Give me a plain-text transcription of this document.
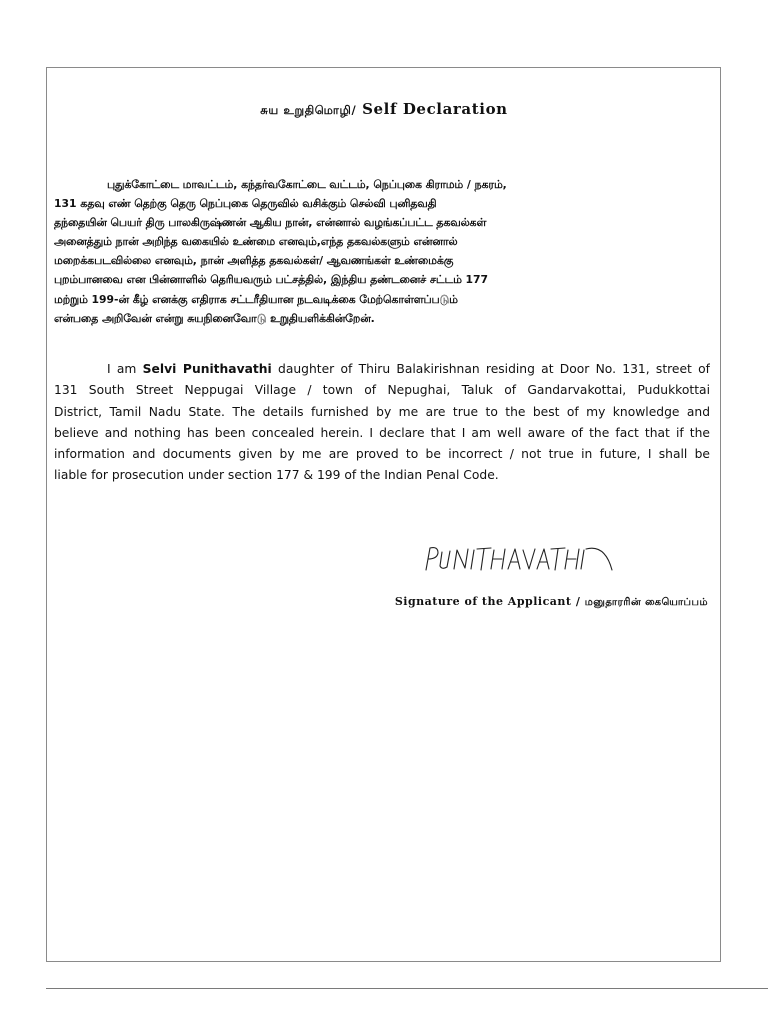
சுய உறுதிமொழி/ Self Declaration
புதுக்கோட்டை மாவட்டம், கந்தர்வகோட்டை வட்டம், நெப்புகை கிராமம் / நகரம்,
131 கதவு எண் தெற்கு தெரு நெப்புகை தெருவில் வசிக்கும் செல்வி புனிதவதி
தந்தையின் பெயர் திரு பாலகிருஷ்ணன் ஆகிய நான், என்னால் வழங்கப்பட்ட தகவல்கள்
அனைத்தும் நான் அறிந்த வகையில் உண்மை எனவும்,எந்த தகவல்களும் என்னால்
மறைக்கபடவில்லை எனவும், நான் அளித்த தகவல்கள்/ ஆவணங்கள் உண்மைக்கு
புறம்பானவை என பின்னாளில் தெரியவரும் பட்சத்தில், இந்திய தண்டனைச் சட்டம் 177
மற்றும் 199-ன் கீழ் எனக்கு எதிராக சட்டரீதியான நடவடிக்கை மேற்கொள்ளப்படும்
என்பதை அறிவேன் என்று சுயநினைவோடு உறுதியளிக்கின்றேன்.
I am Selvi Punithavathi daughter of Thiru Balakirishnan residing at Door No. 131, street of
131 South Street Neppugai Village / town of Nepughai, Taluk of Gandarvakottai, Pudukkottai
District, Tamil Nadu State. The details furnished by me are true to the best of my knowledge and
believe and nothing has been concealed herein. I declare that I am well aware of the fact that if the
information and documents given by me are proved to be incorrect / not true in future, I shall be
liable for prosecution under section 177 & 199 of the Indian Penal Code.
Signature of the Applicant / மனுதாரரின் கையொப்பம்
